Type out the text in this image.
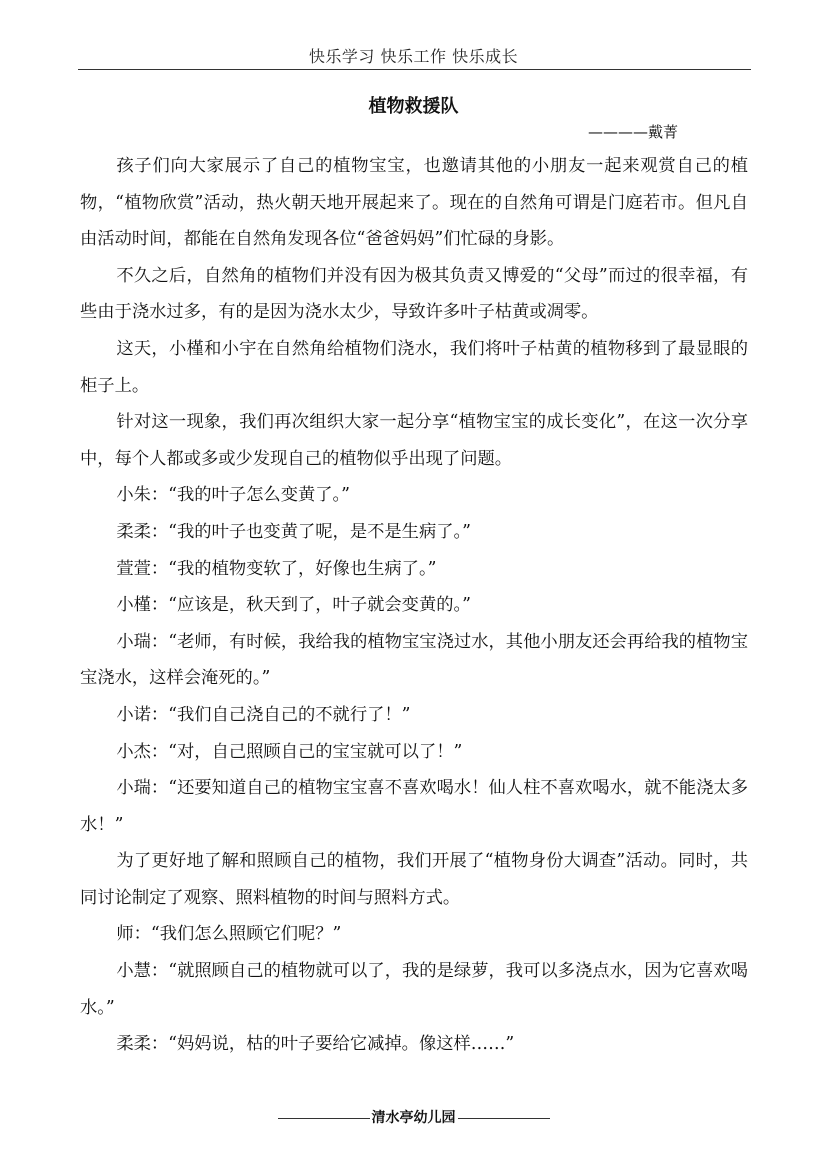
快乐学习 快乐工作 快乐成长
植物救援队
————戴菁

孩子们向大家展示了自己的植物宝宝，也邀请其他的小朋友一起来观赏自己的植物，“植物欣赏”活动，热火朝天地开展起来了。现在的自然角可谓是门庭若市。但凡自由活动时间，都能在自然角发现各位“爸爸妈妈”们忙碌的身影。

不久之后，自然角的植物们并没有因为极其负责又博爱的“父母”而过的很幸福，有些由于浇水过多，有的是因为浇水太少，导致许多叶子枯黄或凋零。

这天，小槿和小宇在自然角给植物们浇水，我们将叶子枯黄的植物移到了最显眼的柜子上。

针对这一现象，我们再次组织大家一起分享“植物宝宝的成长变化”，在这一次分享中，每个人都或多或少发现自己的植物似乎出现了问题。

小朱：“我的叶子怎么变黄了。”

柔柔：“我的叶子也变黄了呢，是不是生病了。”

萱萱：“我的植物变软了，好像也生病了。”

小槿：“应该是，秋天到了，叶子就会变黄的。”

小瑞：“老师，有时候，我给我的植物宝宝浇过水，其他小朋友还会再给我的植物宝宝浇水，这样会淹死的。”

小诺：“我们自己浇自己的不就行了！”

小杰：“对，自己照顾自己的宝宝就可以了！”

小瑞：“还要知道自己的植物宝宝喜不喜欢喝水！仙人柱不喜欢喝水，就不能浇太多水！”

为了更好地了解和照顾自己的植物，我们开展了“植物身份大调查”活动。同时，共同讨论制定了观察、照料植物的时间与照料方式。

师：“我们怎么照顾它们呢？”

小慧：“就照顾自己的植物就可以了，我的是绿萝，我可以多浇点水，因为它喜欢喝水。”

柔柔：“妈妈说，枯的叶子要给它减掉。像这样……”

清水亭幼儿园
